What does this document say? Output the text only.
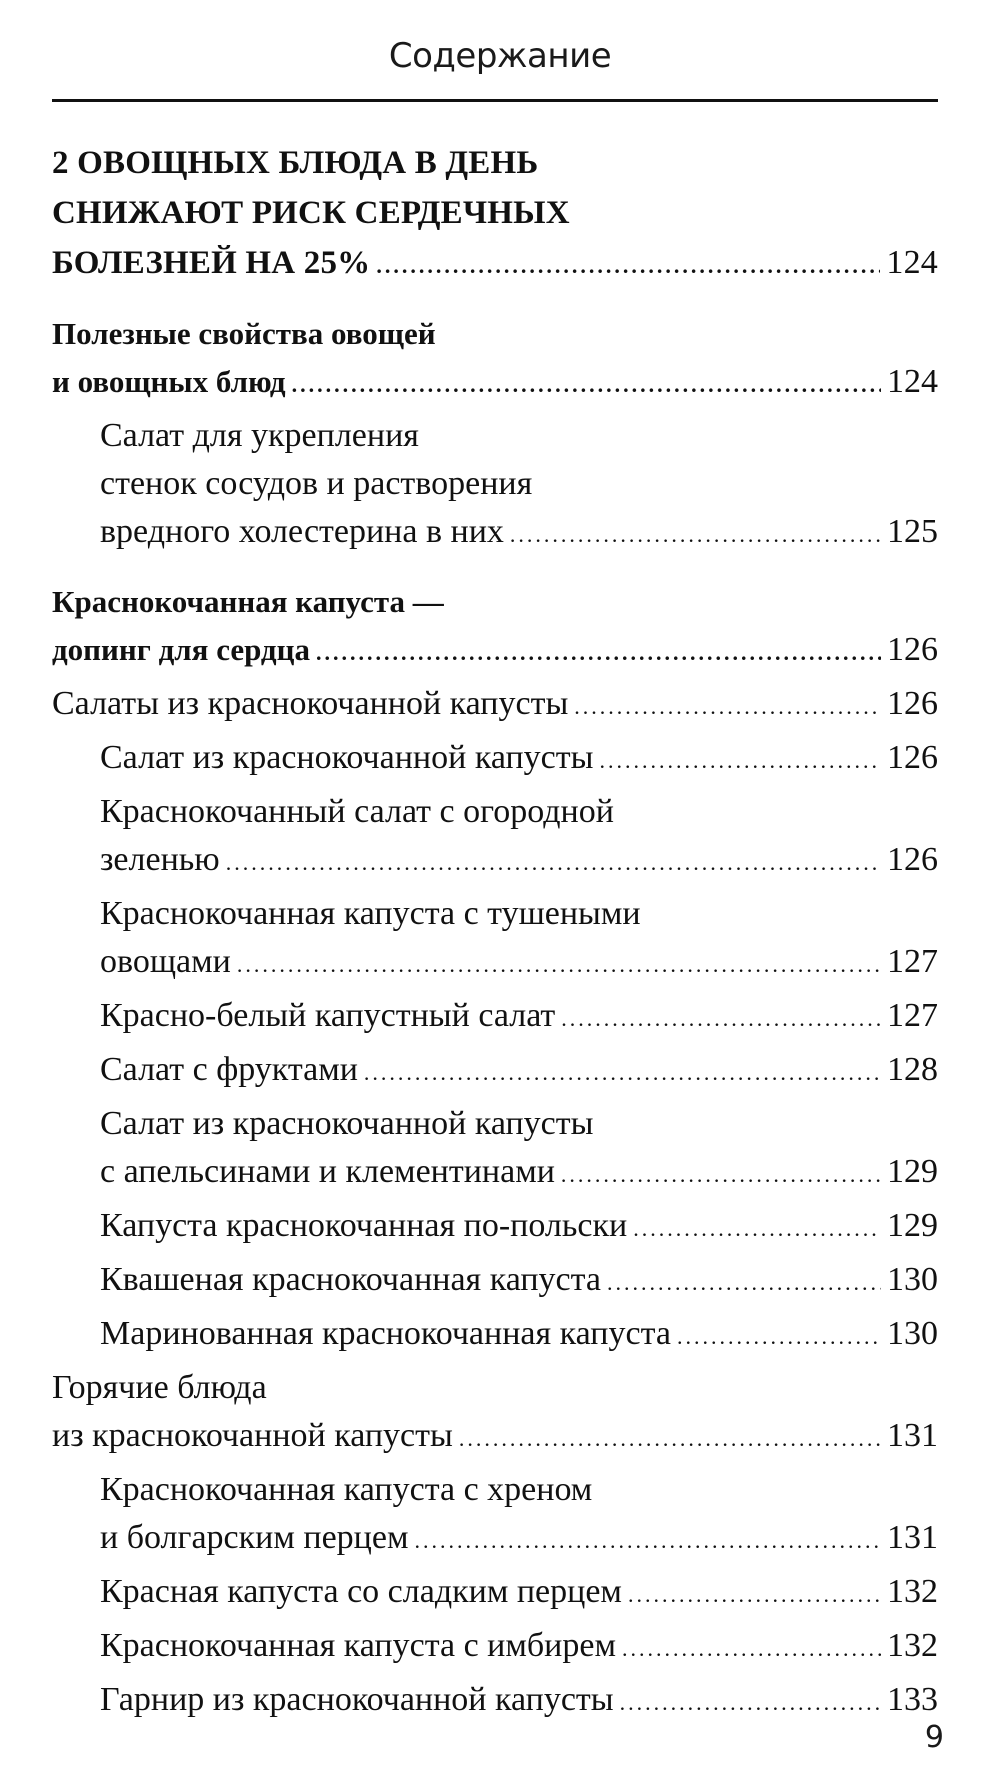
Содержание
2 ОВОЩНЫХ БЛЮДА В ДЕНЬ
СНИЖАЮТ РИСК СЕРДЕЧНЫХ
БОЛЕЗНЕЙ НА 25% .....	124
Полезные свойства овощей
и овощных блюд .....	124
Салат для укрепления
стенок сосудов и растворения
вредного холестерина в них .....	125
Краснокочанная капуста —
допинг для сердца .....	126
Салаты из краснокочанной капусты .....	126
Салат из краснокочанной капусты .....	126
Краснокочанный салат с огородной
зеленью .....	126
Краснокочанная капуста с тушеными
овощами .....	127
Красно-белый капустный салат .....	127
Салат с фруктами .....	128
Салат из краснокочанной капусты
с апельсинами и клементинами .....	129
Капуста краснокочанная по-польски .....	129
Квашеная краснокочанная капуста .....	130
Маринованная краснокочанная капуста .....	130
Горячие блюда
из краснокочанной капусты .....	131
Краснокочанная капуста с хреном
и болгарским перцем .....	131
Красная капуста со сладким перцем .....	132
Краснокочанная капуста с имбирем .....	132
Гарнир из краснокочанной капусты .....	133
9
